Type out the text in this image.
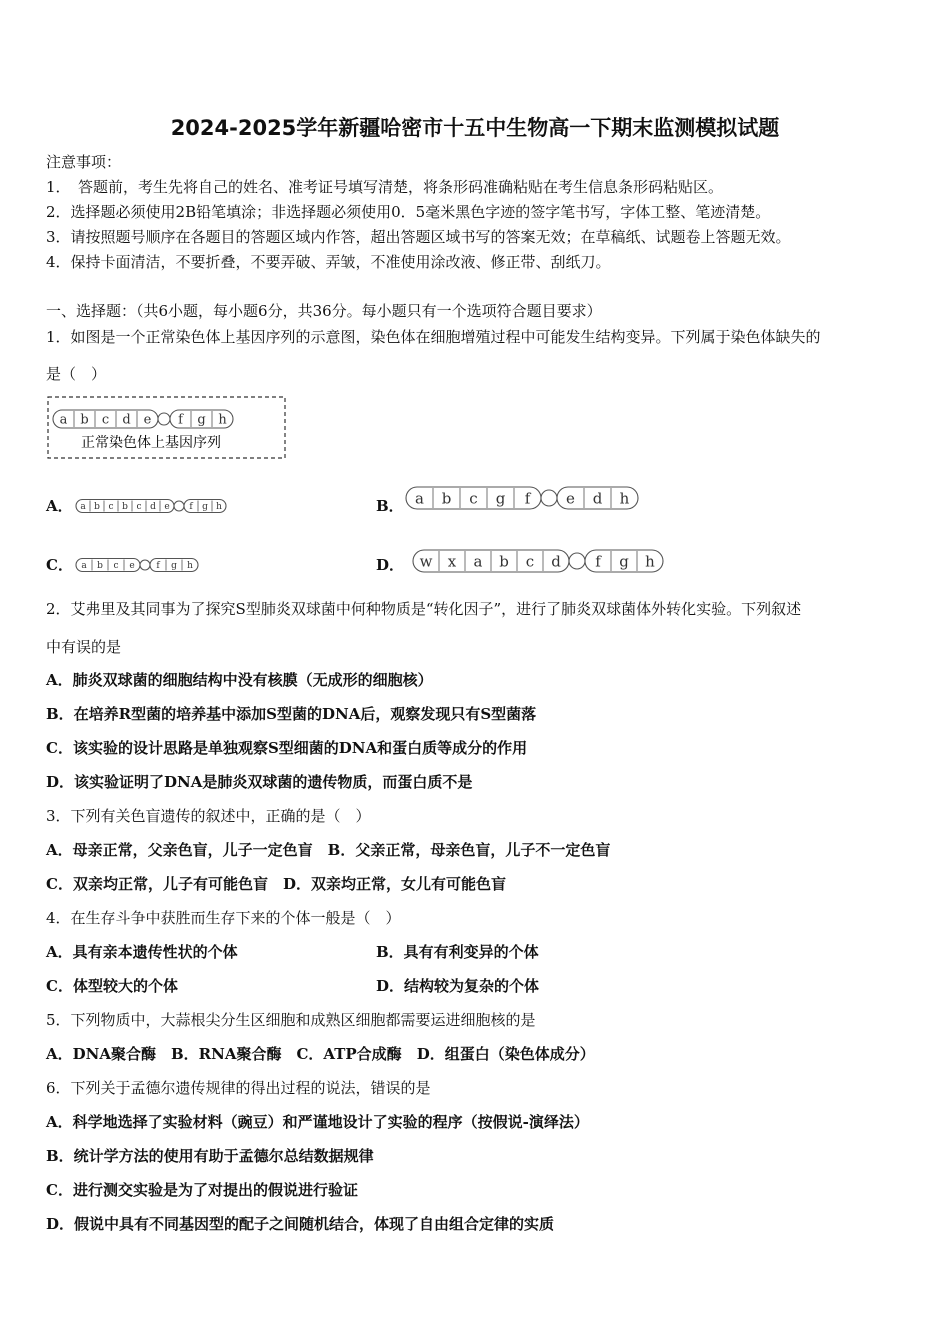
2024-2025学年新疆哈密市十五中生物高一下期末监测模拟试题
注意事项：
1．　答题前，考生先将自己的姓名、准考证号填写清楚，将条形码准确粘贴在考生信息条形码粘贴区。
2．选择题必须使用2B铅笔填涂；非选择题必须使用0．5毫米黑色字迹的签字笔书写，字体工整、笔迹清楚。
3．请按照题号顺序在各题目的答题区域内作答，超出答题区域书写的答案无效；在草稿纸、试题卷上答题无效。
4．保持卡面清洁，不要折叠，不要弄破、弄皱，不准使用涂改液、修正带、刮纸刀。
一、选择题：（共6小题，每小题6分，共36分。每小题只有一个选项符合题目要求）
1．如图是一个正常染色体上基因序列的示意图，染色体在细胞增殖过程中可能发生结构变异。下列属于染色体缺失的
是（　）
a b c d e f g h
正常染色体上基因序列
A． a b c b c d e f g h	B． a b c g f e d h
C． a b c e f g h	D． w x a b c d f g h
2．艾弗里及其同事为了探究S型肺炎双球菌中何种物质是“转化因子”，进行了肺炎双球菌体外转化实验。下列叙述
中有误的是
A．肺炎双球菌的细胞结构中没有核膜（无成形的细胞核）
B．在培养R型菌的培养基中添加S型菌的DNA后，观察发现只有S型菌落
C．该实验的设计思路是单独观察S型细菌的DNA和蛋白质等成分的作用
D．该实验证明了DNA是肺炎双球菌的遗传物质，而蛋白质不是
3．下列有关色盲遗传的叙述中，正确的是（　）
A．母亲正常，父亲色盲，儿子一定色盲　B．父亲正常，母亲色盲，儿子不一定色盲
C．双亲均正常，儿子有可能色盲　D．双亲均正常，女儿有可能色盲
4．在生存斗争中获胜而生存下来的个体一般是（　）
A．具有亲本遗传性状的个体	B．具有有利变异的个体
C．体型较大的个体	D．结构较为复杂的个体
5．下列物质中，大蒜根尖分生区细胞和成熟区细胞都需要运进细胞核的是
A．DNA聚合酶　B．RNA聚合酶　C．ATP合成酶　D．组蛋白（染色体成分）
6．下列关于孟德尔遗传规律的得出过程的说法，错误的是
A．科学地选择了实验材料（豌豆）和严谨地设计了实验的程序（按假说-演绎法）
B．统计学方法的使用有助于孟德尔总结数据规律
C．进行测交实验是为了对提出的假说进行验证
D．假说中具有不同基因型的配子之间随机结合，体现了自由组合定律的实质
